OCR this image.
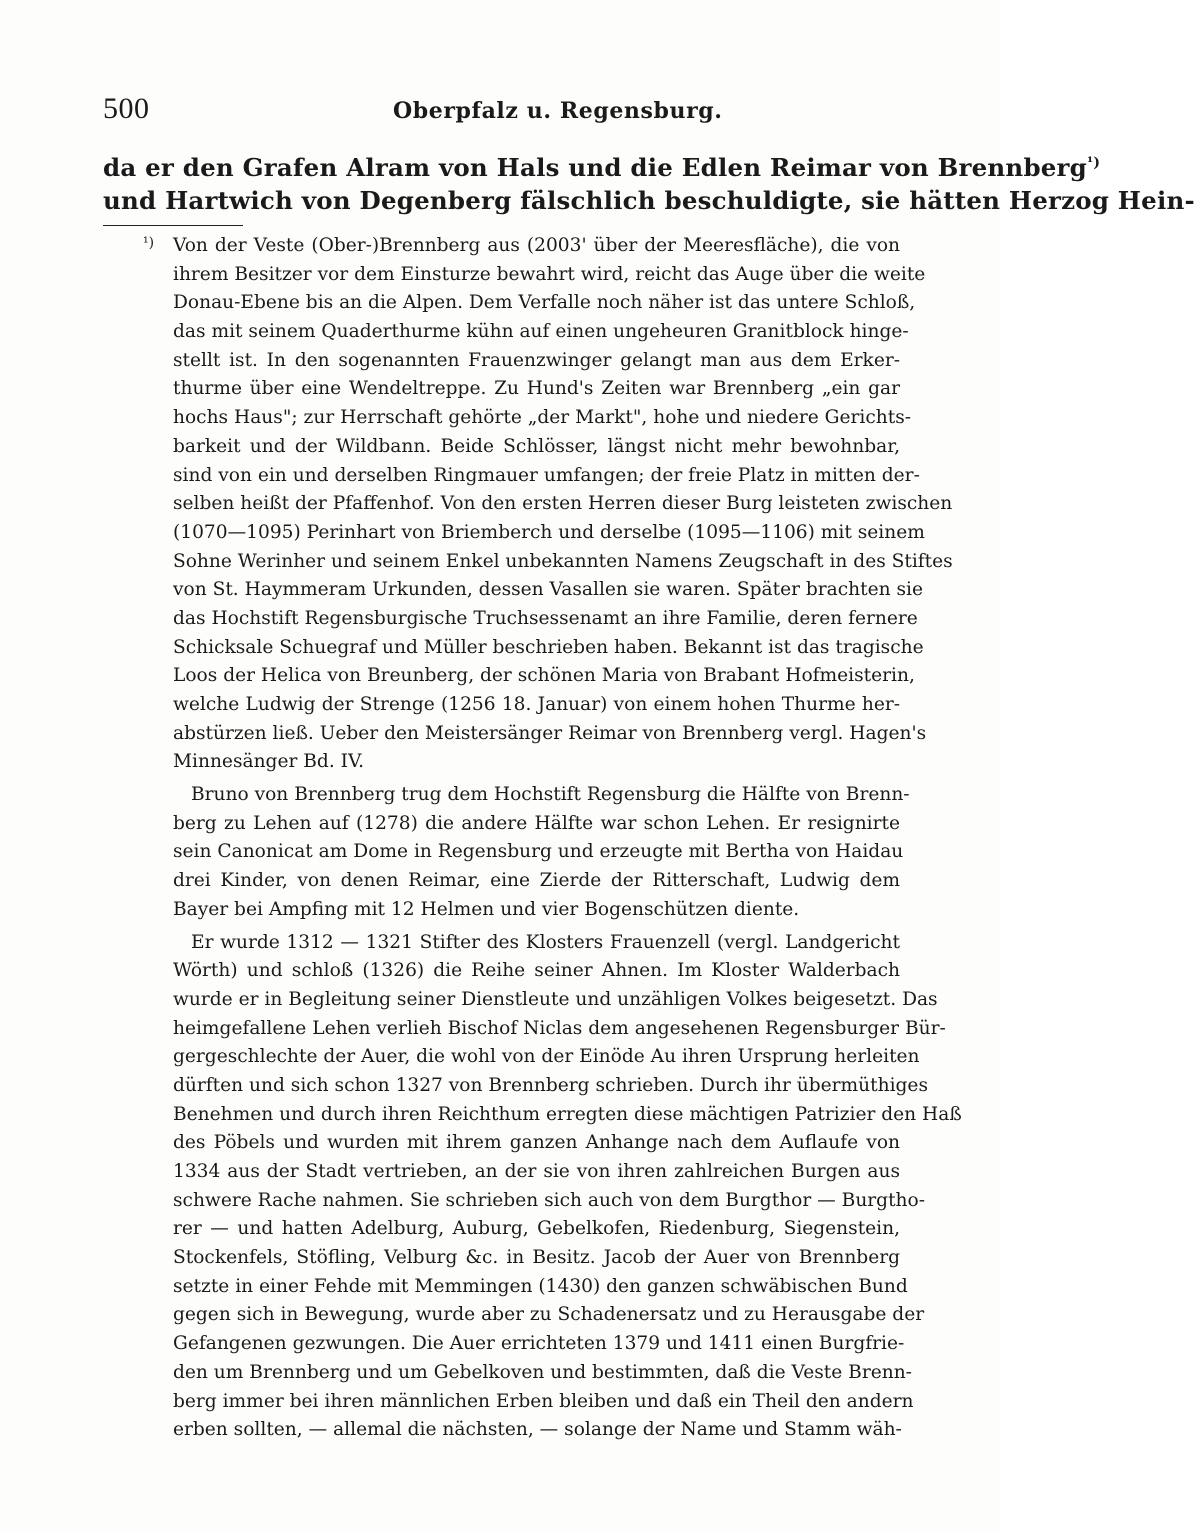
500	Oberpfalz u. Regensburg.
da er den Grafen Alram von Hals und die Edlen Reimar von Brennberg$^{^1)}$
und Hartwich von Degenberg fälschlich beschuldigte, sie hätten Herzog Hein-
¹) Von der Veste (Ober-)Brennberg aus (2003' über der Meeresfläche), die von
ihrem Besitzer vor dem Einsturze bewahrt wird, reicht das Auge über die weite
Donau-Ebene bis an die Alpen. Dem Verfalle noch näher ist das untere Schloß,
das mit seinem Quaderthurme kühn auf einen ungeheuren Granitblock hinge-
stellt ist. In den sogenannten Frauenzwinger gelangt man aus dem Erker-
thurme über eine Wendeltreppe. Zu Hund's Zeiten war Brennberg „ein gar
hochs Haus"; zur Herrschaft gehörte „der Markt", hohe und niedere Gerichts-
barkeit und der Wildbann. Beide Schlösser, längst nicht mehr bewohnbar,
sind von ein und derselben Ringmauer umfangen; der freie Platz in mitten der-
selben heißt der Pfaffenhof. Von den ersten Herren dieser Burg leisteten zwischen
(1070—1095) Perinhart von Briemberch und derselbe (1095—1106) mit seinem
Sohne Werinher und seinem Enkel unbekannten Namens Zeugschaft in des Stiftes
von St. Haymmeram Urkunden, dessen Vasallen sie waren. Später brachten sie
das Hochstift Regensburgische Truchsessenamt an ihre Familie, deren fernere
Schicksale Schuegraf und Müller beschrieben haben. Bekannt ist das tragische
Loos der Helica von Breunberg, der schönen Maria von Brabant Hofmeisterin,
welche Ludwig der Strenge (1256 18. Januar) von einem hohen Thurme her-
abstürzen ließ. Ueber den Meistersänger Reimar von Brennberg vergl. Hagen's
Minnesänger Bd. IV.
Bruno von Brennberg trug dem Hochstift Regensburg die Hälfte von Brenn-
berg zu Lehen auf (1278) die andere Hälfte war schon Lehen. Er resignirte
sein Canonicat am Dome in Regensburg und erzeugte mit Bertha von Haidau
drei Kinder, von denen Reimar, eine Zierde der Ritterschaft, Ludwig dem
Bayer bei Ampfing mit 12 Helmen und vier Bogenschützen diente.
Er wurde 1312 — 1321 Stifter des Klosters Frauenzell (vergl. Landgericht
Wörth) und schloß (1326) die Reihe seiner Ahnen. Im Kloster Walderbach
wurde er in Begleitung seiner Dienstleute und unzähligen Volkes beigesetzt. Das
heimgefallene Lehen verlieh Bischof Niclas dem angesehenen Regensburger Bür-
gergeschlechte der Auer, die wohl von der Einöde Au ihren Ursprung herleiten
dürften und sich schon 1327 von Brennberg schrieben. Durch ihr übermüthiges
Benehmen und durch ihren Reichthum erregten diese mächtigen Patrizier den Haß
des Pöbels und wurden mit ihrem ganzen Anhange nach dem Auflaufe von
1334 aus der Stadt vertrieben, an der sie von ihren zahlreichen Burgen aus
schwere Rache nahmen. Sie schrieben sich auch von dem Burgthor — Burgtho-
rer — und hatten Adelburg, Auburg, Gebelkofen, Riedenburg, Siegenstein,
Stockenfels, Stöfling, Velburg &c. in Besitz. Jacob der Auer von Brennberg
setzte in einer Fehde mit Memmingen (1430) den ganzen schwäbischen Bund
gegen sich in Bewegung, wurde aber zu Schadenersatz und zu Herausgabe der
Gefangenen gezwungen. Die Auer errichteten 1379 und 1411 einen Burgfrie-
den um Brennberg und um Gebelkoven und bestimmten, daß die Veste Brenn-
berg immer bei ihren männlichen Erben bleiben und daß ein Theil den andern
erben sollten, — allemal die nächsten, — solange der Name und Stamm wäh-
